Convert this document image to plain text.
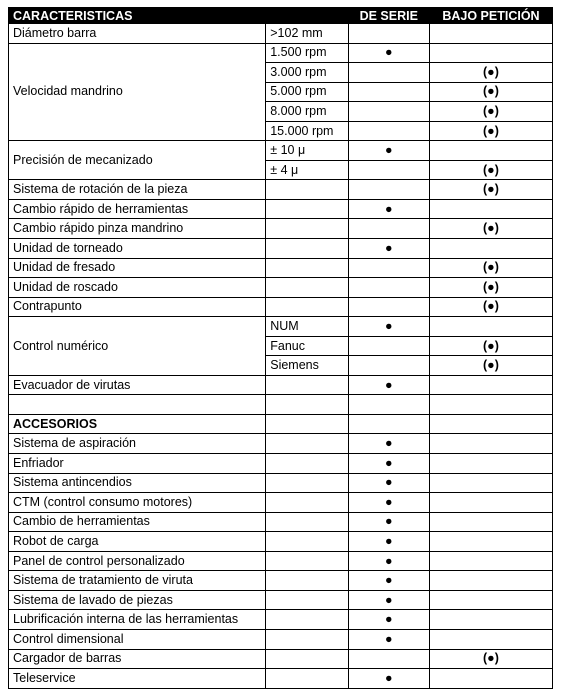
CARACTERISTICAS		DE SERIE	BAJO PETICIÓN
Diámetro barra	>102 mm		
Velocidad mandrino	1.500 rpm	●	
	3.000 rpm		(●)
	5.000 rpm		(●)
	8.000 rpm		(●)
	15.000 rpm		(●)
Precisión de mecanizado	± 10 μ	●	
	± 4 μ		(●)
Sistema de rotación de la pieza			(●)
Cambio rápido de herramientas		●	
Cambio rápido pinza mandrino			(●)
Unidad de torneado		●	
Unidad de fresado			(●)
Unidad de roscado			(●)
Contrapunto			(●)
Control numérico	NUM	●	
	Fanuc		(●)
	Siemens		(●)
Evacuador de virutas		●	

ACCESORIOS			
Sistema de aspiración		●	
Enfriador		●	
Sistema antincendios		●	
CTM (control consumo motores)		●	
Cambio de herramientas		●	
Robot de carga		●	
Panel de control personalizado		●	
Sistema de tratamiento de viruta		●	
Sistema de lavado de piezas		●	
Lubrificación interna de las herramientas		●	
Control dimensional		●	
Cargador de barras			(●)
Teleservice		●	
